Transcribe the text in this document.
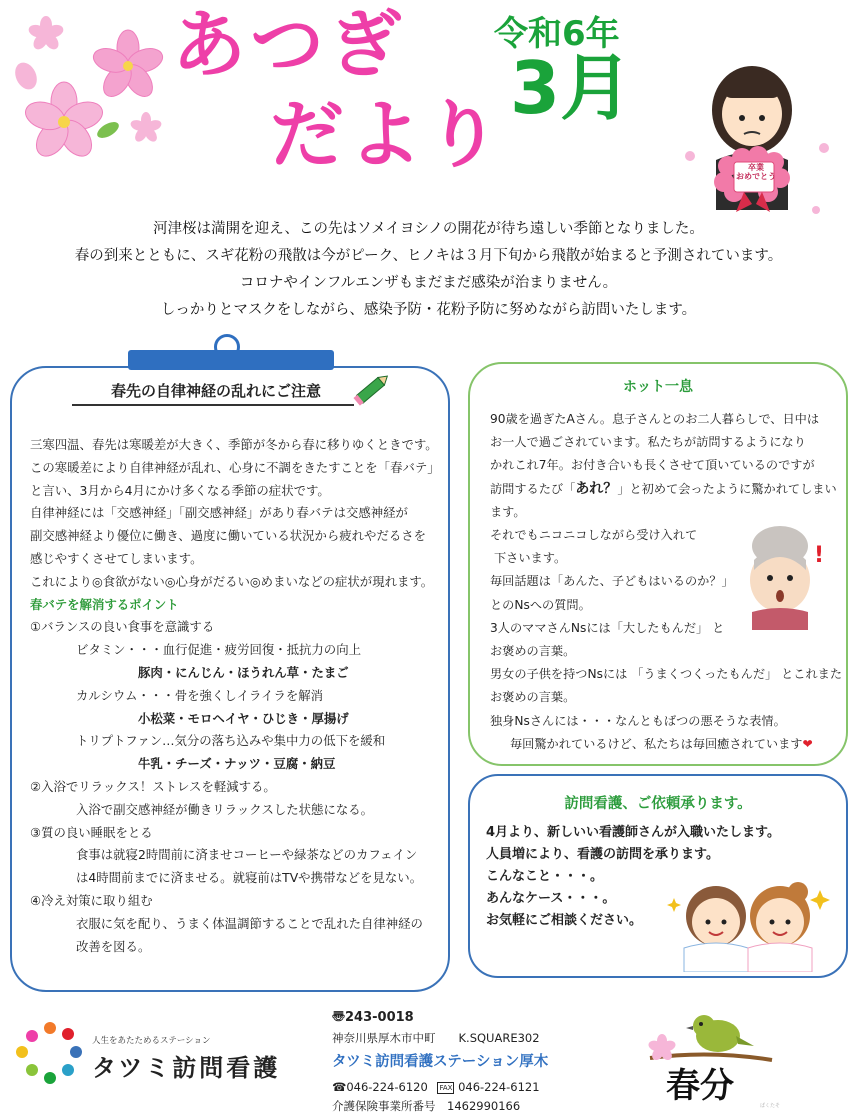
あつぎ
だより
令和6年
3月
卒業
おめでとう
河津桜は満開を迎え、この先はソメイヨシノの開花が待ち遠しい季節となりました。
春の到来とともに、スギ花粉の飛散は今がピーク、ヒノキは３月下旬から飛散が始まると予測されています。
コロナやインフルエンザもまだまだ感染が治まりません。
しっかりとマスクをしながら、感染予防・花粉予防に努めながら訪問いたします。
春先の自律神経の乱れにご注意
三寒四温、春先は寒暖差が大きく、季節が冬から春に移りゆくときです。
この寒暖差により自律神経が乱れ、心身に不調をきたすことを「春バテ」
と言い、3月から4月にかけ多くなる季節の症状です。
自律神経には「交感神経」「副交感神経」があり春バテは交感神経が
副交感神経より優位に働き、過度に働いている状況から疲れやだるさを
感じやすくさせてしまいます。
これにより◎食欲がない◎心身がだるい◎めまいなどの症状が現れます。
春バテを解消するポイント
①バランスの良い食事を意識する
ビタミン・・・血行促進・疲労回復・抵抗力の向上
豚肉・にんじん・ほうれん草・たまご
カルシウム・・・骨を強くしイライラを解消
小松菜・モロヘイヤ・ひじき・厚揚げ
トリプトファン…気分の落ち込みや集中力の低下を緩和
牛乳・チーズ・ナッツ・豆腐・納豆
②入浴でリラックス！ストレスを軽減する。
入浴で副交感神経が働きリラックスした状態になる。
③質の良い睡眠をとる
食事は就寝2時間前に済ませコーヒーや緑茶などのカフェイン
は4時間前までに済ませる。就寝前はTVや携帯などを見ない。
④冷え対策に取り組む
衣服に気を配り、うまく体温調節することで乱れた自律神経の
改善を図る。
ホット一息
90歳を過ぎたAさん。息子さんとのお二人暮らしで、日中は
お一人で過ごされています。私たちが訪問するようになり
かれこれ7年。お付き合いも長くさせて頂いているのですが
訪問するたび「あれ？」と初めて会ったように驚かれてしまい
ます。
それでもニコニコしながら受け入れて
下さいます。
毎回話題は「あんた、子どもはいるのか？」
とのNsへの質問。
3人のママさんNsには「大したもんだ」 と
お褒めの言葉。
男女の子供を持つNsには 「うまくつくったもんだ」 とこれまた
お褒めの言葉。
独身Nsさんには・・・なんともばつの悪そうな表情。
毎回驚かれているけど、私たちは毎回癒されています❤
!
訪問看護、ご依頼承ります。
4月より、新しいい看護師さんが入職いたします。
人員増により、看護の訪問を承ります。
こんなこと・・・。
あんなケース・・・。
お気軽にご相談ください。
人生をあたためるステーション
タツミ訪問看護
〠243-0018
神奈川県厚木市中町　　K.SQUARE302
タツミ訪問看護ステーション厚木
☎046-224-6120 FAX 046-224-6121
介護保険事業所番号　1462990166	春分	ぱくたそ
